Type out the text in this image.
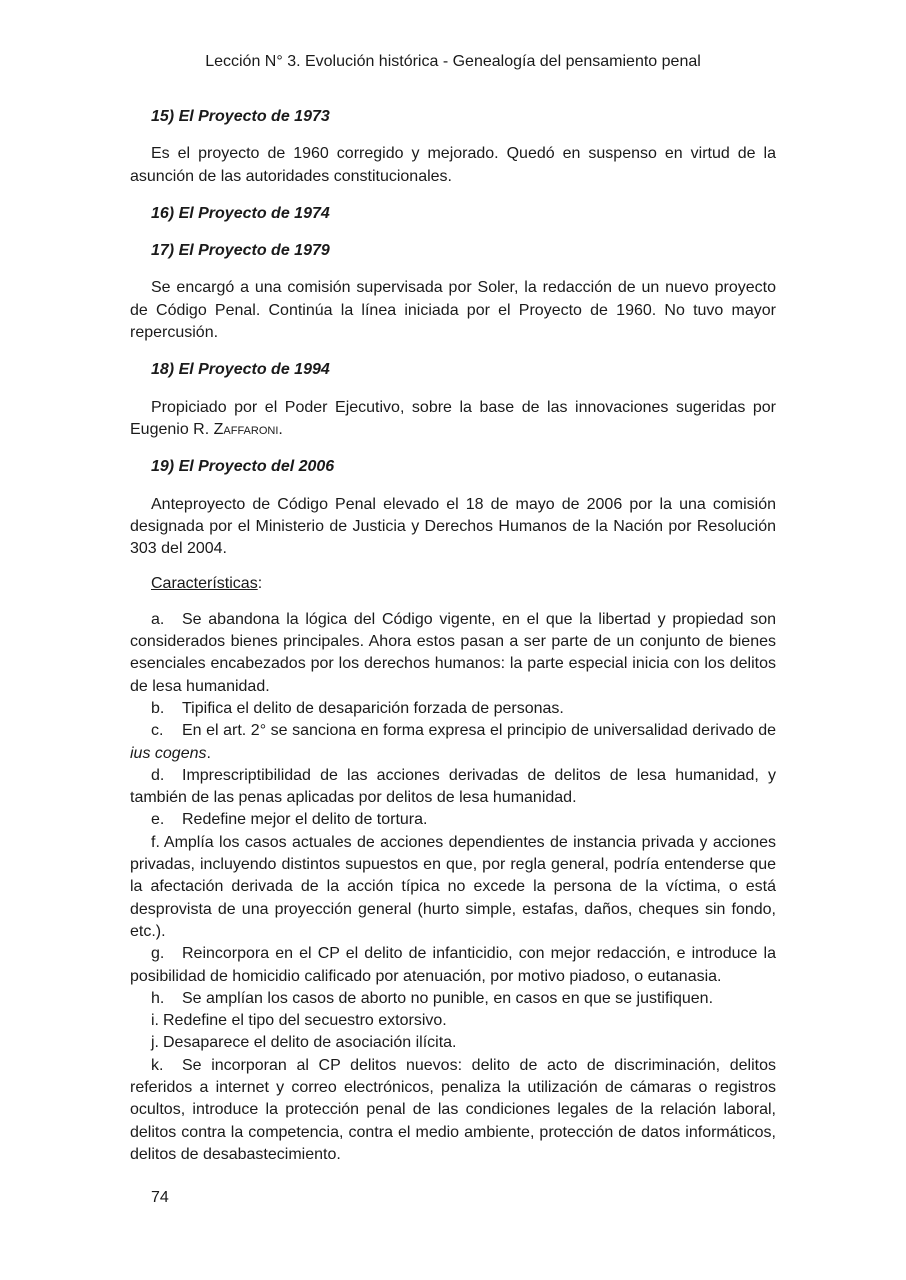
Lección N° 3. Evolución histórica - Genealogía del pensamiento penal

15) El Proyecto de 1973

Es el proyecto de 1960 corregido y mejorado. Quedó en suspenso en virtud de la asunción de las autoridades constitucionales.

16) El Proyecto de 1974

17) El Proyecto de 1979

Se encargó a una comisión supervisada por Soler, la redacción de un nuevo proyecto de Código Penal. Continúa la línea iniciada por el Proyecto de 1960. No tuvo mayor repercusión.

18) El Proyecto de 1994

Propiciado por el Poder Ejecutivo, sobre la base de las innovaciones sugeridas por Eugenio R. Zaffaroni.

19) El Proyecto del 2006

Anteproyecto de Código Penal elevado el 18 de mayo de 2006 por la una comisión designada por el Ministerio de Justicia y Derechos Humanos de la Nación por Resolución 303 del 2004.

Características:

a. Se abandona la lógica del Código vigente, en el que la libertad y propiedad son considerados bienes principales. Ahora estos pasan a ser parte de un conjunto de bienes esenciales encabezados por los derechos humanos: la parte especial inicia con los delitos de lesa humanidad.

b. Tipifica el delito de desaparición forzada de personas.

c. En el art. 2° se sanciona en forma expresa el principio de universalidad derivado de ius cogens.

d. Imprescriptibilidad de las acciones derivadas de delitos de lesa humanidad, y también de las penas aplicadas por delitos de lesa humanidad.

e. Redefine mejor el delito de tortura.

f. Amplía los casos actuales de acciones dependientes de instancia privada y acciones privadas, incluyendo distintos supuestos en que, por regla general, podría entenderse que la afectación derivada de la acción típica no excede la persona de la víctima, o está desprovista de una proyección general (hurto simple, estafas, daños, cheques sin fondo, etc.).

g. Reincorpora en el CP el delito de infanticidio, con mejor redacción, e introduce la posibilidad de homicidio calificado por atenuación, por motivo piadoso, o eutanasia.

h. Se amplían los casos de aborto no punible, en casos en que se justifiquen.

i. Redefine el tipo del secuestro extorsivo.

j. Desaparece el delito de asociación ilícita.

k. Se incorporan al CP delitos nuevos: delito de acto de discriminación, delitos referidos a internet y correo electrónicos, penaliza la utilización de cámaras o registros ocultos, introduce la protección penal de las condiciones legales de la relación laboral, delitos contra la competencia, contra el medio ambiente, protección de datos informáticos, delitos de desabastecimiento.

74
